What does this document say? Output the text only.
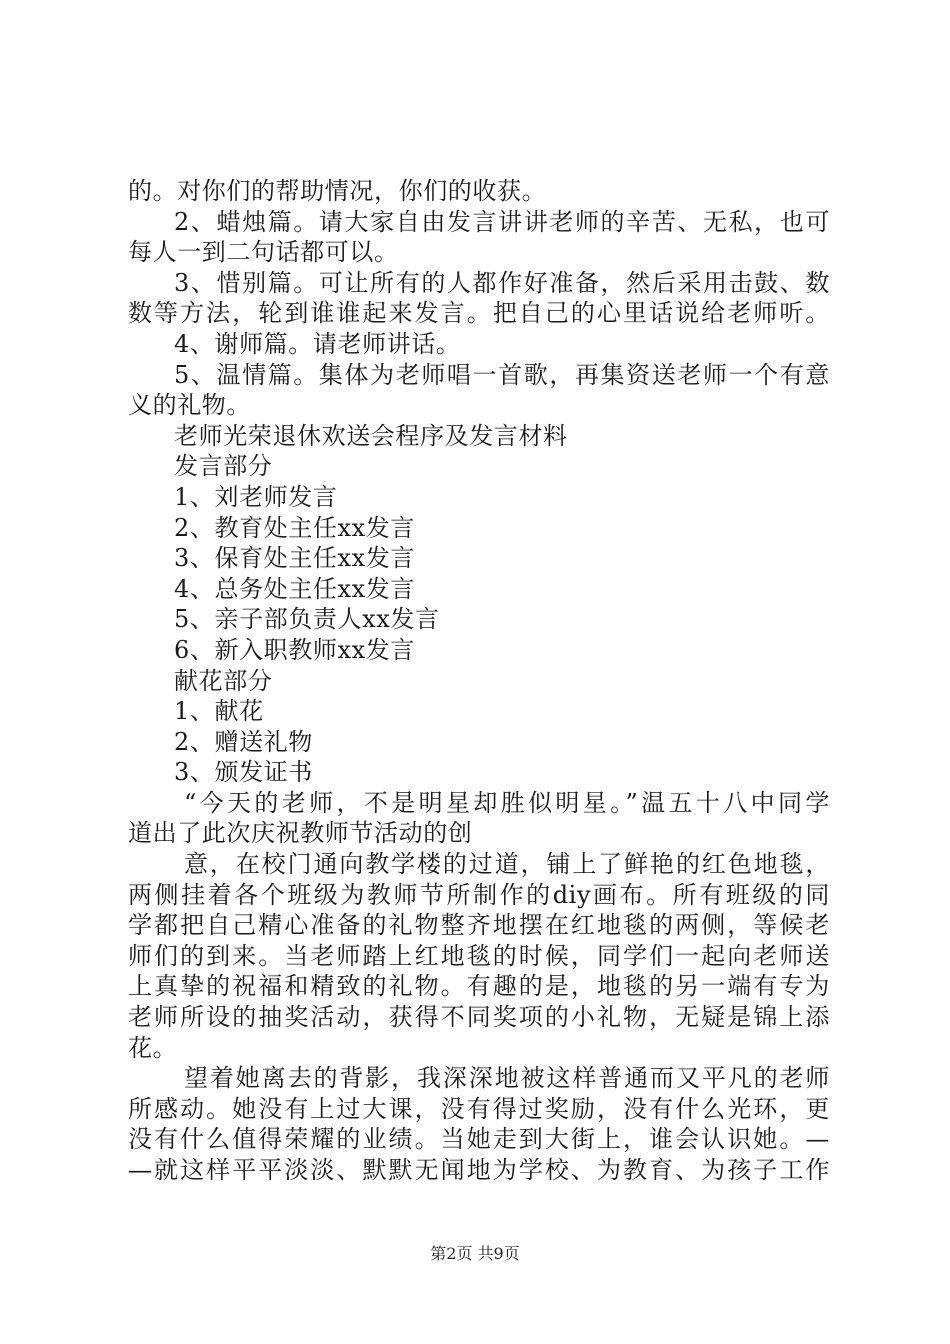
的。对你们的帮助情况，你们的收获。
2、蜡烛篇。请大家自由发言讲讲老师的辛苦、无私，也可
每人一到二句话都可以。
3、惜别篇。可让所有的人都作好准备，然后采用击鼓、数
数等方法，轮到谁谁起来发言。把自己的心里话说给老师听。
4、谢师篇。请老师讲话。
5、温情篇。集体为老师唱一首歌，再集资送老师一个有意
义的礼物。
老师光荣退休欢送会程序及发言材料
发言部分
1、刘老师发言
2、教育处主任xx发言
3、保育处主任xx发言
4、总务处主任xx发言
5、亲子部负责人xx发言
6、新入职教师xx发言
献花部分
1、献花
2、赠送礼物
3、颁发证书
“今天的老师，不是明星却胜似明星。”温五十八中同学
道出了此次庆祝教师节活动的创
意，在校门通向教学楼的过道，铺上了鲜艳的红色地毯，
两侧挂着各个班级为教师节所制作的diy画布。所有班级的同
学都把自己精心准备的礼物整齐地摆在红地毯的两侧，等候老
师们的到来。当老师踏上红地毯的时候，同学们一起向老师送
上真挚的祝福和精致的礼物。有趣的是，地毯的另一端有专为
老师所设的抽奖活动，获得不同奖项的小礼物，无疑是锦上添
花。
望着她离去的背影，我深深地被这样普通而又平凡的老师
所感动。她没有上过大课，没有得过奖励，没有什么光环，更
没有什么值得荣耀的业绩。当她走到大街上，谁会认识她。—
—就这样平平淡淡、默默无闻地为学校、为教育、为孩子工作
第2页 共9页
